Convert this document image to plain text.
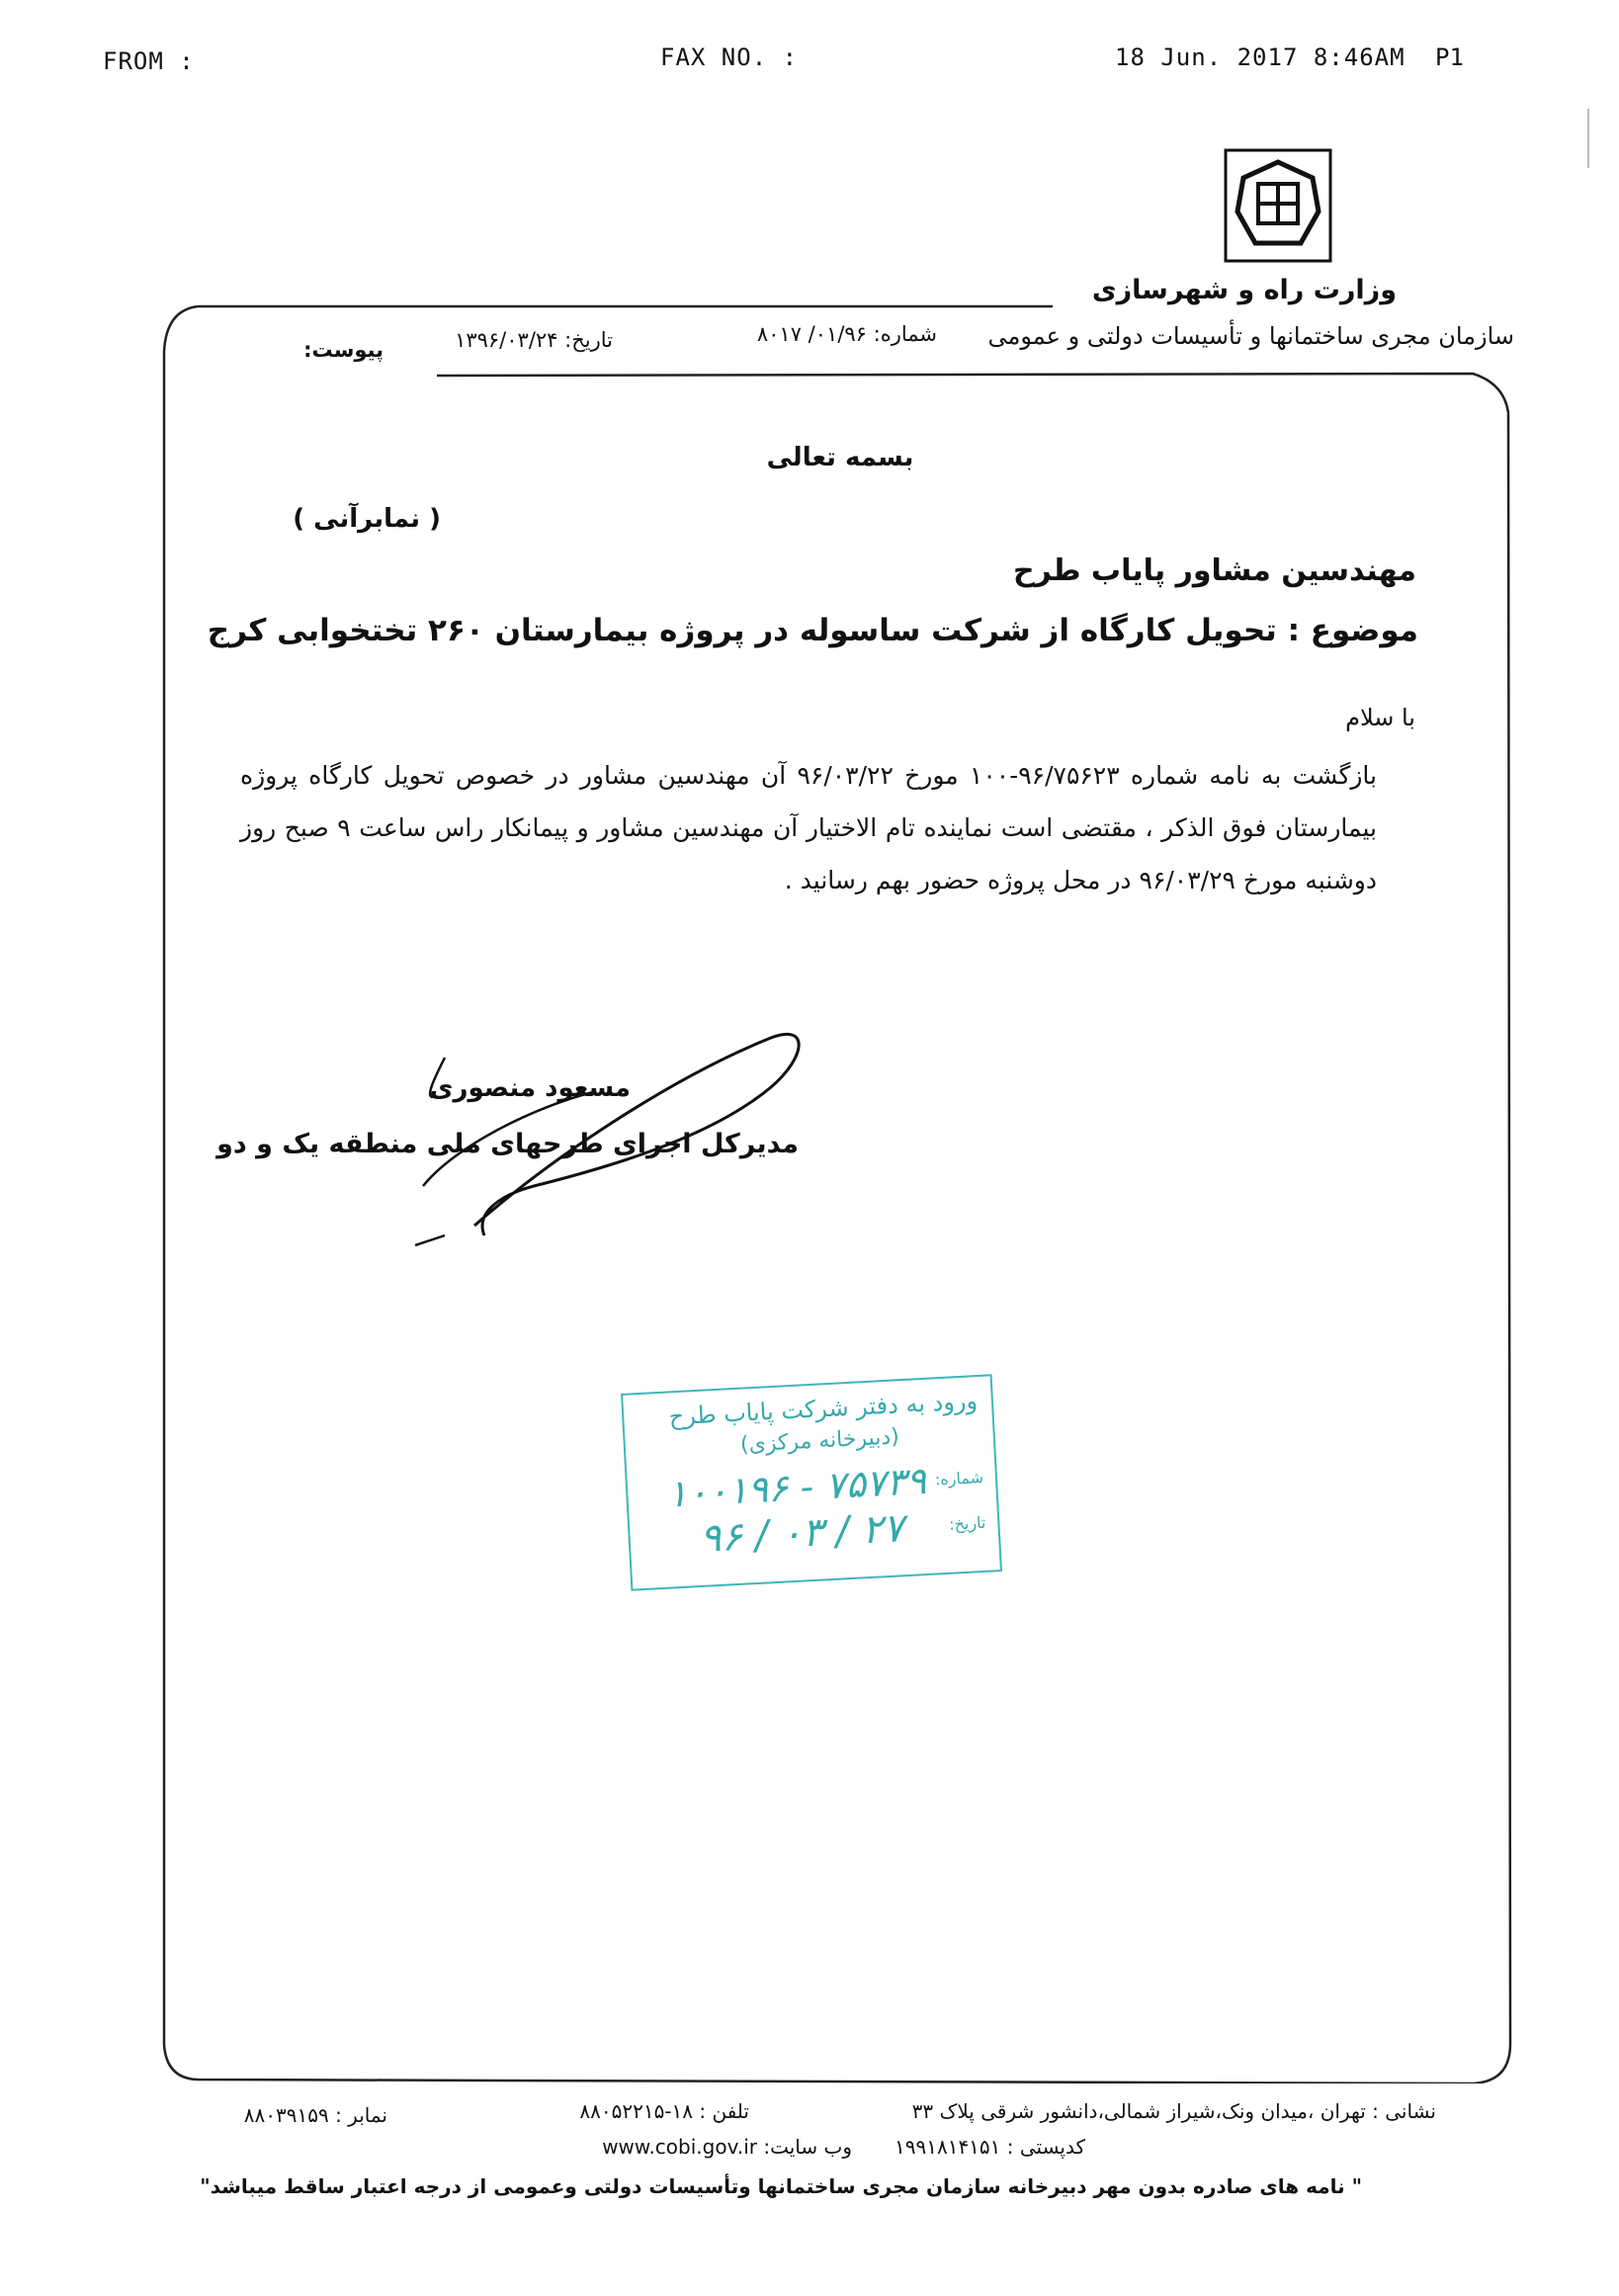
FROM :	FAX NO. :	18 Jun. 2017 8:46AM P1
وزارت راه و شهرسازی
سازمان مجری ساختمانها و تأسیسات دولتی و عمومی
شماره: ۰۱/۹۶/ ۸۰۱۷
تاریخ: ۱۳۹۶/۰۳/۲۴
پیوست:
بسمه تعالی
( نمابرآنی )
مهندسین مشاور پایاب طرح
موضوع : تحویل کارگاه از شرکت ساسوله در پروژه بیمارستان ۲۶۰ تختخوابی کرج
با سلام
بازگشت به نامه شماره ۹۶/۷۵۶۲۳-۱۰۰ مورخ ۹۶/۰۳/۲۲ آن مهندسین مشاور در خصوص تحویل کارگاه پروژه بیمارستان فوق الذکر ، مقتضی است نماینده تام الاختیار آن مهندسین مشاور و پیمانکار راس ساعت ۹ صبح روز دوشنبه مورخ ۹۶/۰۳/۲۹ در محل پروژه حضور بهم رسانید .
مسعود منصوری
مدیرکل اجرای طرحهای ملی منطقه یک و دو
ورود به دفتر شرکت پایاب طرح
(دبیرخانه مرکزی)
شماره:
تاریخ:
۱۰۰۱۹۶ - ۷۵۷۳۹
۹۶ / ۰۳ / ۲۷
نشانی : تهران ،میدان ونک،شیراز شمالی،دانشور شرقی پلاک ۳۳
تلفن : ۱۸-۸۸۰۵۲۲۱۵
نمابر : ۸۸۰۳۹۱۵۹
کدپستی : ۱۹۹۱۸۱۴۱۵۱
وب سایت: www.cobi.gov.ir
" نامه های صادره بدون مهر دبیرخانه سازمان مجری ساختمانها وتأسیسات دولتی وعمومی از درجه اعتبار ساقط میباشد"
